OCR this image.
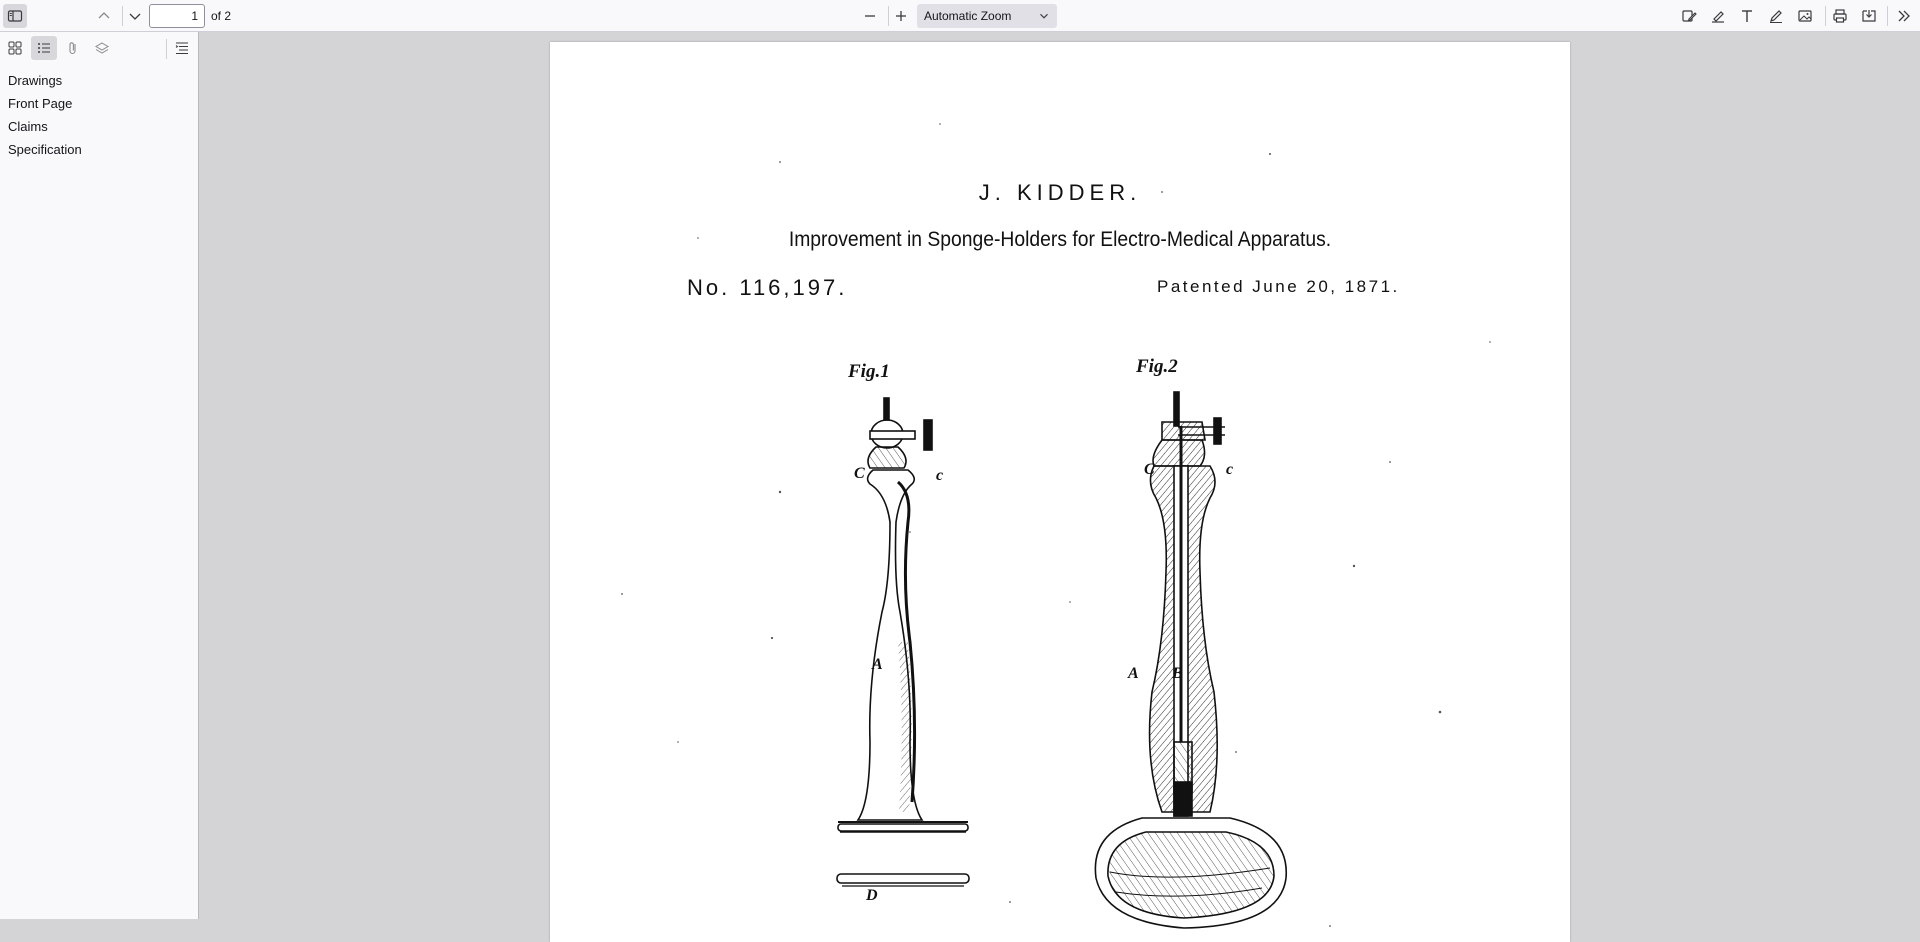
1
of 2	Automatic Zoom
Drawings
Front Page
Claims
Specification
J. KIDDER.
Improvement in Sponge-Holders for Electro-Medical Apparatus.
No. 116,197.	Patented June 20, 1871.
Fig.1	Fig.2
C	c
A
D
C	c
A B
